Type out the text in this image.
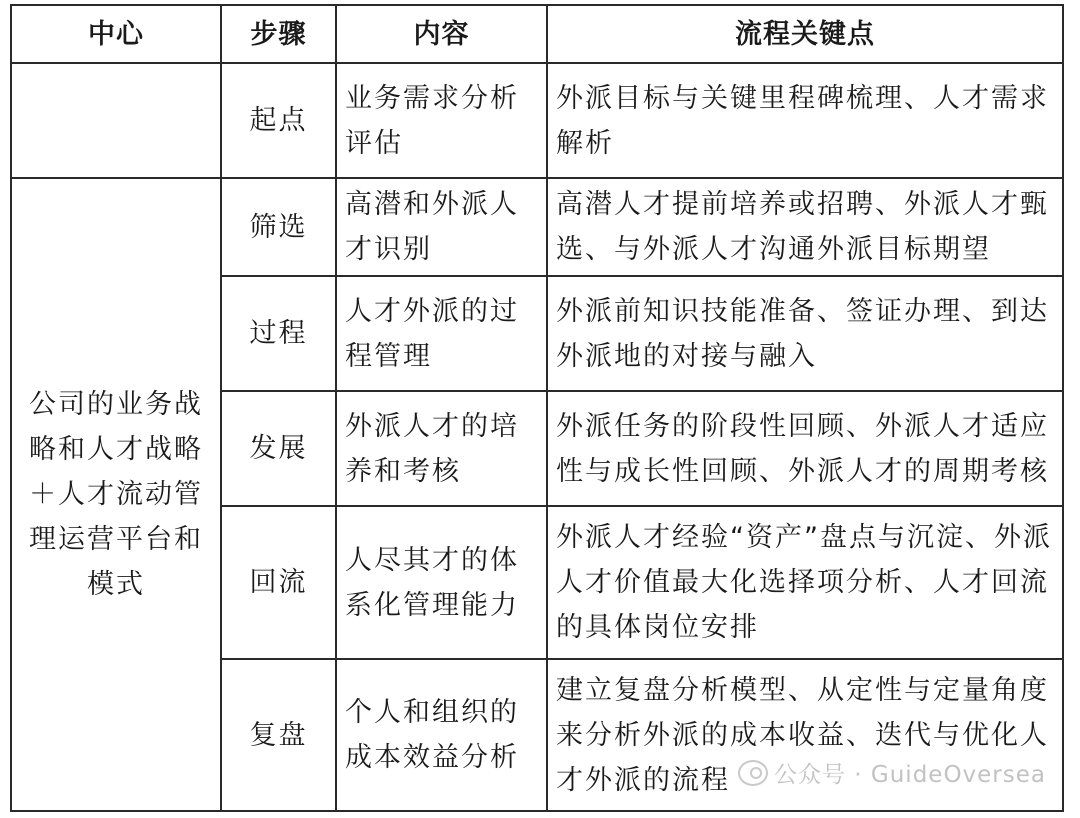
中心	步骤	内容	流程关键点
	起点	业务需求分析评估	外派目标与关键里程碑梳理、人才需求解析
公司的业务战略和人才战略＋人才流动管理运营平台和模式	筛选	高潜和外派人才识别	高潜人才提前培养或招聘、外派人才甄选、与外派人才沟通外派目标期望
	过程	人才外派的过程管理	外派前知识技能准备、签证办理、到达外派地的对接与融入
	发展	外派人才的培养和考核	外派任务的阶段性回顾、外派人才适应性与成长性回顾、外派人才的周期考核
	回流	人尽其才的体系化管理能力	外派人才经验“资产”盘点与沉淀、外派人才价值最大化选择项分析、人才回流的具体岗位安排
	复盘	个人和组织的成本效益分析	建立复盘分析模型、从定性与定量角度来分析外派的成本收益、迭代与优化人才外派的流程 公众号 · GuideOversea
